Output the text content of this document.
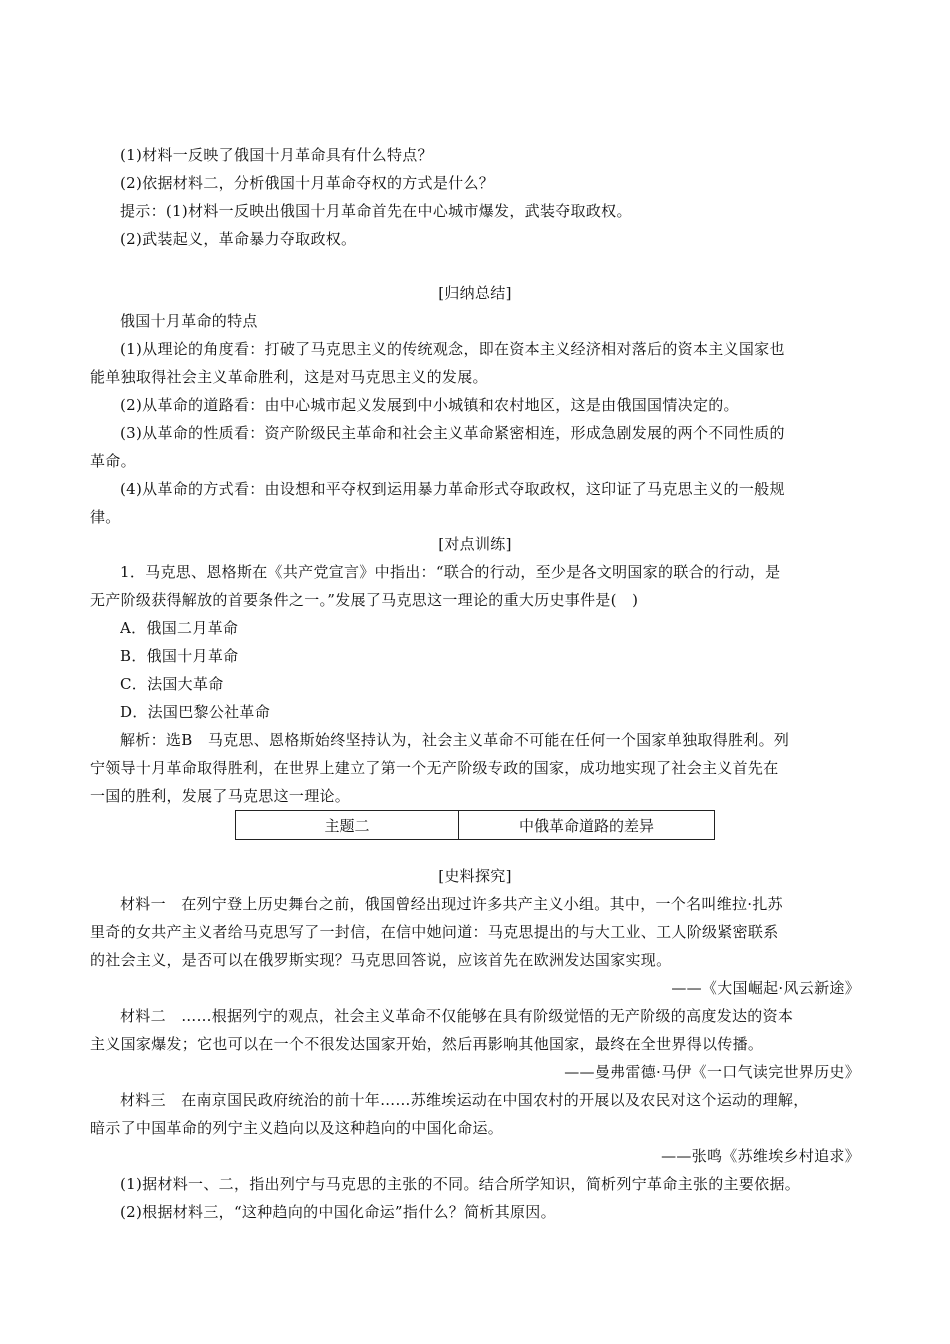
(1)材料一反映了俄国十月革命具有什么特点？
(2)依据材料二，分析俄国十月革命夺权的方式是什么？
提示：(1)材料一反映出俄国十月革命首先在中心城市爆发，武装夺取政权。
(2)武装起义，革命暴力夺取政权。
[归纳总结]
俄国十月革命的特点
(1)从理论的角度看：打破了马克思主义的传统观念，即在资本主义经济相对落后的资本主义国家也
能单独取得社会主义革命胜利，这是对马克思主义的发展。
(2)从革命的道路看：由中心城市起义发展到中小城镇和农村地区，这是由俄国国情决定的。
(3)从革命的性质看：资产阶级民主革命和社会主义革命紧密相连，形成急剧发展的两个不同性质的
革命。
(4)从革命的方式看：由设想和平夺权到运用暴力革命形式夺取政权，这印证了马克思主义的一般规
律。
[对点训练]
1．马克思、恩格斯在《共产党宣言》中指出：“联合的行动，至少是各文明国家的联合的行动，是
无产阶级获得解放的首要条件之一。”发展了马克思这一理论的重大历史事件是(　)
A．俄国二月革命
B．俄国十月革命
C．法国大革命
D．法国巴黎公社革命
解析：选B　马克思、恩格斯始终坚持认为，社会主义革命不可能在任何一个国家单独取得胜利。列
宁领导十月革命取得胜利，在世界上建立了第一个无产阶级专政的国家，成功地实现了社会主义首先在
一国的胜利，发展了马克思这一理论。
主题二	中俄革命道路的差异
[史料探究]
材料一　在列宁登上历史舞台之前，俄国曾经出现过许多共产主义小组。其中，一个名叫维拉·扎苏
里奇的女共产主义者给马克思写了一封信，在信中她问道：马克思提出的与大工业、工人阶级紧密联系
的社会主义，是否可以在俄罗斯实现？马克思回答说，应该首先在欧洲发达国家实现。
——《大国崛起·风云新途》
材料二　……根据列宁的观点，社会主义革命不仅能够在具有阶级觉悟的无产阶级的高度发达的资本
主义国家爆发；它也可以在一个不很发达国家开始，然后再影响其他国家，最终在全世界得以传播。
——曼弗雷德·马伊《一口气读完世界历史》
材料三　在南京国民政府统治的前十年……苏维埃运动在中国农村的开展以及农民对这个运动的理解，
暗示了中国革命的列宁主义趋向以及这种趋向的中国化命运。
——张鸣《苏维埃乡村追求》
(1)据材料一、二，指出列宁与马克思的主张的不同。结合所学知识，简析列宁革命主张的主要依据。
(2)根据材料三，“这种趋向的中国化命运”指什么？简析其原因。
